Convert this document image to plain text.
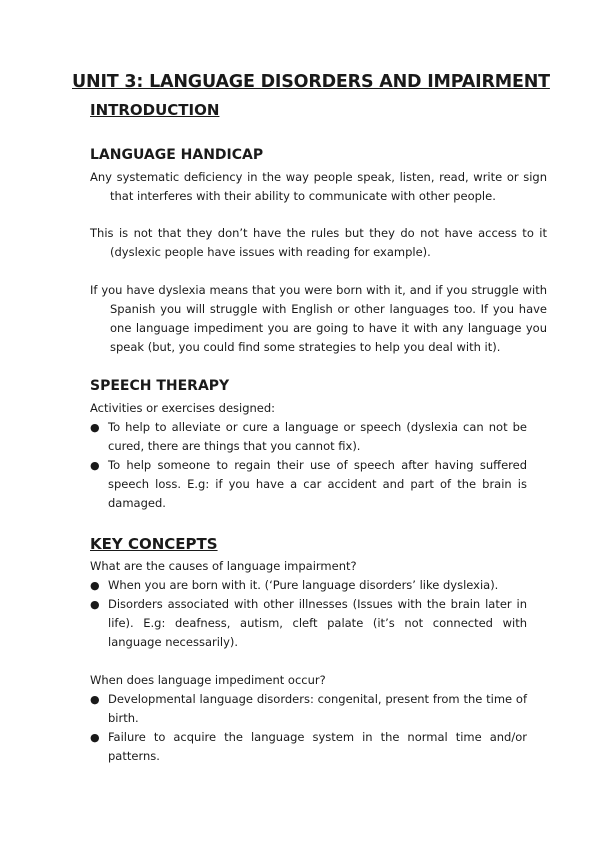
UNIT 3: LANGUAGE DISORDERS AND IMPAIRMENT
INTRODUCTION
LANGUAGE HANDICAP
Any systematic deficiency in the way people speak, listen, read, write or sign that interferes with their ability to communicate with other people.
This is not that they don’t have the rules but they do not have access to it (dyslexic people have issues with reading for example).
If you have dyslexia means that you were born with it, and if you struggle with Spanish you will struggle with English or other languages too. If you have one language impediment you are going to have it with any language you speak (but, you could find some strategies to help you deal with it).
SPEECH THERAPY
Activities or exercises designed:
● To help to alleviate or cure a language or speech (dyslexia can not be cured, there are things that you cannot fix).
● To help someone to regain their use of speech after having suffered speech loss. E.g: if you have a car accident and part of the brain is damaged.
KEY CONCEPTS
What are the causes of language impairment?
● When you are born with it. (‘Pure language disorders’ like dyslexia).
● Disorders associated with other illnesses (Issues with the brain later in life). E.g: deafness, autism, cleft palate (it’s not connected with language necessarily).
When does language impediment occur?
● Developmental language disorders: congenital, present from the time of birth.
● Failure to acquire the language system in the normal time and/or patterns.
